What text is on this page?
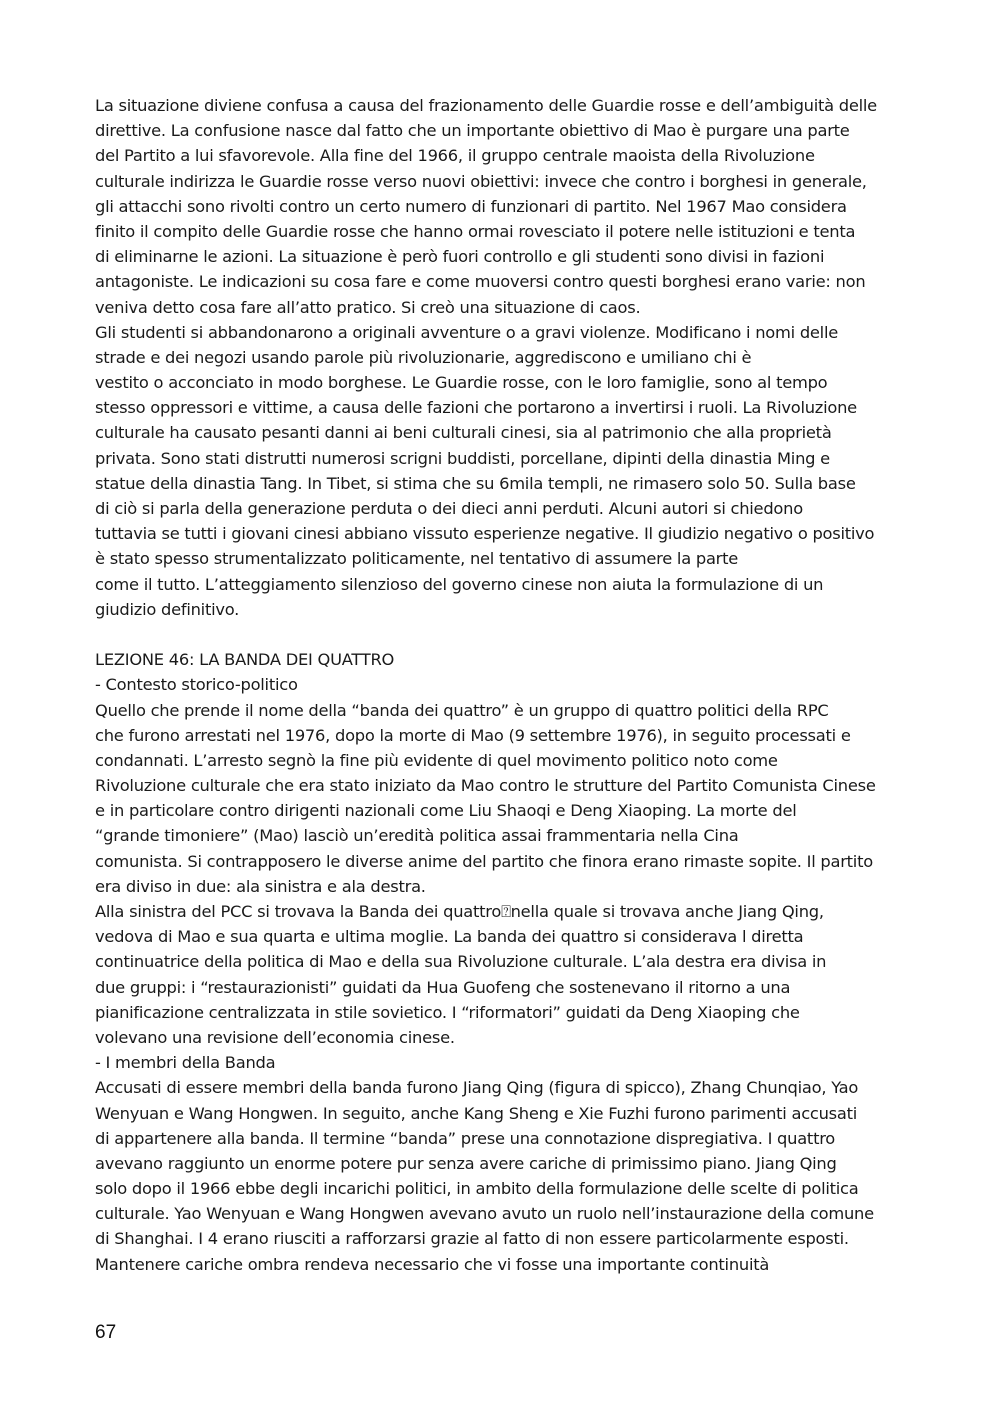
La situazione diviene confusa a causa del frazionamento delle Guardie rosse e dell’ambiguità delle
direttive. La confusione nasce dal fatto che un importante obiettivo di Mao è purgare una parte
del Partito a lui sfavorevole. Alla fine del 1966, il gruppo centrale maoista della Rivoluzione
culturale indirizza le Guardie rosse verso nuovi obiettivi: invece che contro i borghesi in generale,
gli attacchi sono rivolti contro un certo numero di funzionari di partito. Nel 1967 Mao considera
finito il compito delle Guardie rosse che hanno ormai rovesciato il potere nelle istituzioni e tenta
di eliminarne le azioni. La situazione è però fuori controllo e gli studenti sono divisi in fazioni
antagoniste. Le indicazioni su cosa fare e come muoversi contro questi borghesi erano varie: non
veniva detto cosa fare all’atto pratico. Si creò una situazione di caos.
Gli studenti si abbandonarono a originali avventure o a gravi violenze. Modificano i nomi delle
strade e dei negozi usando parole più rivoluzionarie, aggrediscono e umiliano chi è
vestito o acconciato in modo borghese. Le Guardie rosse, con le loro famiglie, sono al tempo
stesso oppressori e vittime, a causa delle fazioni che portarono a invertirsi i ruoli. La Rivoluzione
culturale ha causato pesanti danni ai beni culturali cinesi, sia al patrimonio che alla proprietà
privata. Sono stati distrutti numerosi scrigni buddisti, porcellane, dipinti della dinastia Ming e
statue della dinastia Tang. In Tibet, si stima che su 6mila templi, ne rimasero solo 50. Sulla base
di ciò si parla della generazione perduta o dei dieci anni perduti. Alcuni autori si chiedono
tuttavia se tutti i giovani cinesi abbiano vissuto esperienze negative. Il giudizio negativo o positivo
è stato spesso strumentalizzato politicamente, nel tentativo di assumere la parte
come il tutto. L’atteggiamento silenzioso del governo cinese non aiuta la formulazione di un
giudizio definitivo.
LEZIONE 46: LA BANDA DEI QUATTRO
- Contesto storico-politico
Quello che prende il nome della “banda dei quattro” è un gruppo di quattro politici della RPC
che furono arrestati nel 1976, dopo la morte di Mao (9 settembre 1976), in seguito processati e
condannati. L’arresto segnò la fine più evidente di quel movimento politico noto come
Rivoluzione culturale che era stato iniziato da Mao contro le strutture del Partito Comunista Cinese
e in particolare contro dirigenti nazionali come Liu Shaoqi e Deng Xiaoping. La morte del
“grande timoniere” (Mao) lasciò un’eredità politica assai frammentaria nella Cina
comunista. Si contrapposero le diverse anime del partito che finora erano rimaste sopite. Il partito
era diviso in due: ala sinistra e ala destra.
Alla sinistra del PCC si trovava la Banda dei quattro⍰nella quale si trovava anche Jiang Qing,
vedova di Mao e sua quarta e ultima moglie. La banda dei quattro si considerava l diretta
continuatrice della politica di Mao e della sua Rivoluzione culturale. L’ala destra era divisa in
due gruppi: i “restaurazionisti” guidati da Hua Guofeng che sostenevano il ritorno a una
pianificazione centralizzata in stile sovietico. I “riformatori” guidati da Deng Xiaoping che
volevano una revisione dell’economia cinese.
- I membri della Banda
Accusati di essere membri della banda furono Jiang Qing (figura di spicco), Zhang Chunqiao, Yao
Wenyuan e Wang Hongwen. In seguito, anche Kang Sheng e Xie Fuzhi furono parimenti accusati
di appartenere alla banda. Il termine “banda” prese una connotazione dispregiativa. I quattro
avevano raggiunto un enorme potere pur senza avere cariche di primissimo piano. Jiang Qing
solo dopo il 1966 ebbe degli incarichi politici, in ambito della formulazione delle scelte di politica
culturale. Yao Wenyuan e Wang Hongwen avevano avuto un ruolo nell’instaurazione della comune
di Shanghai. I 4 erano riusciti a rafforzarsi grazie al fatto di non essere particolarmente esposti.
Mantenere cariche ombra rendeva necessario che vi fosse una importante continuità
67
